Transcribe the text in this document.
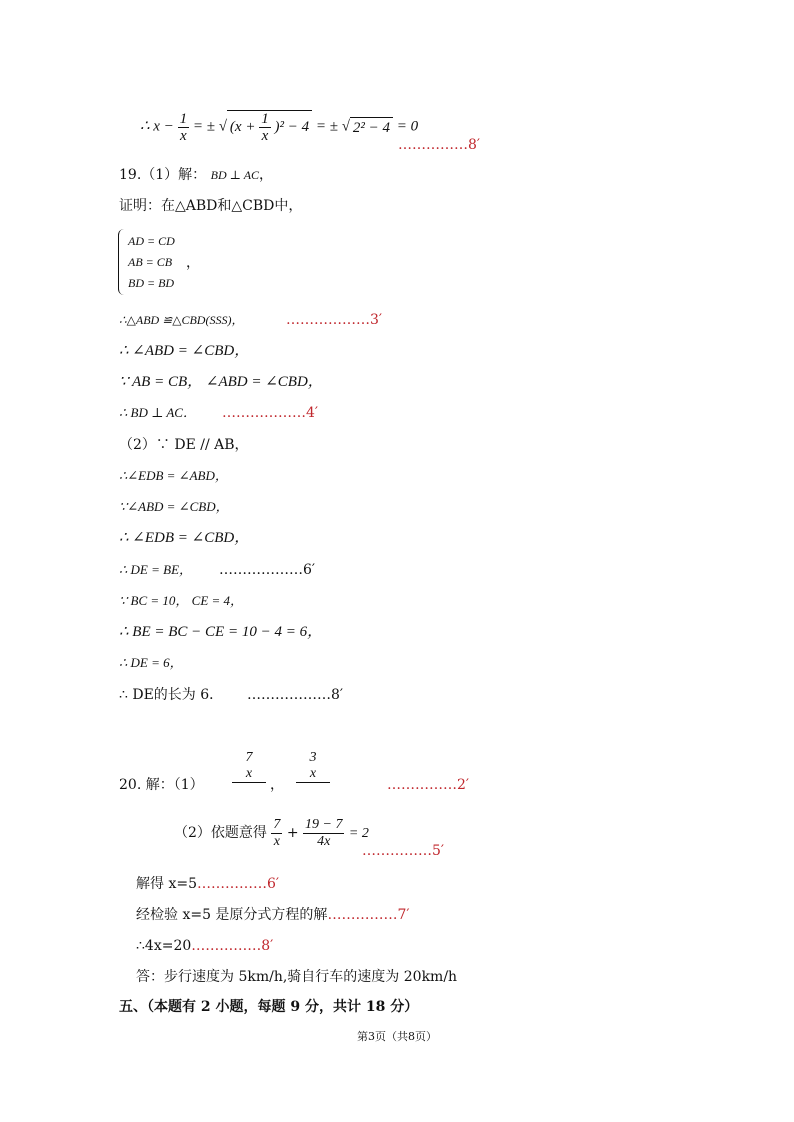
∴ $x - \frac{1}{x}$ = ± √ $(x + \frac{1}{x} )^2 - 4$ = ± √ 2² − 4 = 0
……………8′
19.（1）解： BD ⊥ AC，
证明：在△ABD和△CBD中，
AD = CD
AB = CB ，
BD = BD
∴△ABD ≌△CBD(SSS)，	………………3′
∴ ∠ABD = ∠CBD，
∵ AB = CB， ∠ABD = ∠CBD，
∴ BD ⊥ AC． ………………4′
（2）∵ DE // AB，
∴∠EDB = ∠ABD，
∵∠ABD = ∠CBD，
∴ ∠EDB = ∠CBD，
∴ DE = BE， ………………6′
∵ BC = 10， CE = 4，
∴ BE = BC − CE = 10 − 4 = 6，
∴ DE = 6，
∴ DE的长为 6． ………………8′
20. 解：（1）
7
x
，
3
x
……………2′
（2）依题意得 $\frac{7}{x} + \frac{19 - 7}{4x} = 2$
……………5′
解得 x=5……………6′
经检验 x=5 是原分式方程的解……………7′
∴4x=20……………8′
答：步行速度为 5km/h,骑自行车的速度为 20km/h
五、（本题有 2 小题，每题 9 分，共计 18 分）
第3页（共8页）
